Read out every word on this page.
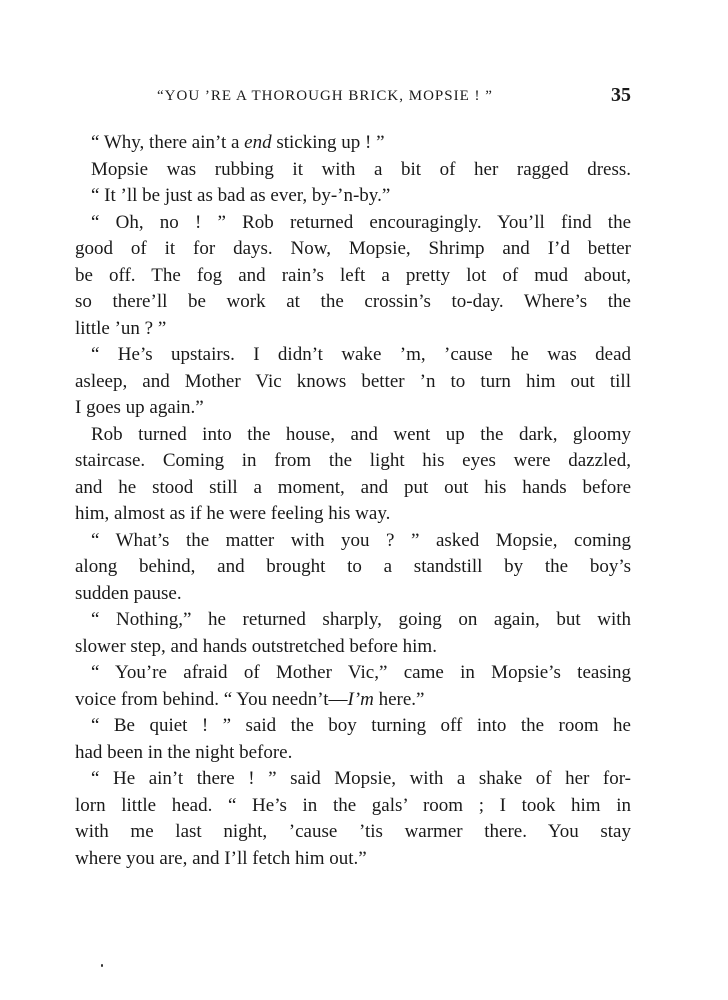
“YOU ’RE A THOROUGH BRICK, MOPSIE ! ”	35
“ Why, there ain’t a end sticking up ! ”
Mopsie was rubbing it with a bit of her ragged dress.
“ It ’ll be just as bad as ever, by-’n-by.”
“ Oh, no ! ” Rob returned encouragingly. You’ll find the
good of it for days. Now, Mopsie, Shrimp and I’d better
be off. The fog and rain’s left a pretty lot of mud about,
so there’ll be work at the crossin’s to-day. Where’s the
little ’un ? ”
“ He’s upstairs. I didn’t wake ’m, ’cause he was dead
asleep, and Mother Vic knows better ’n to turn him out till
I goes up again.”
Rob turned into the house, and went up the dark, gloomy
staircase. Coming in from the light his eyes were dazzled,
and he stood still a moment, and put out his hands before
him, almost as if he were feeling his way.
“ What’s the matter with you ? ” asked Mopsie, coming
along behind, and brought to a standstill by the boy’s
sudden pause.
“ Nothing,” he returned sharply, going on again, but with
slower step, and hands outstretched before him.
“ You’re afraid of Mother Vic,” came in Mopsie’s teasing
voice from behind. “ You needn’t—I’m here.”
“ Be quiet ! ” said the boy turning off into the room he
had been in the night before.
“ He ain’t there ! ” said Mopsie, with a shake of her for-
lorn little head. “ He’s in the gals’ room ; I took him in
with me last night, ’cause ’tis warmer there. You stay
where you are, and I’ll fetch him out.”
